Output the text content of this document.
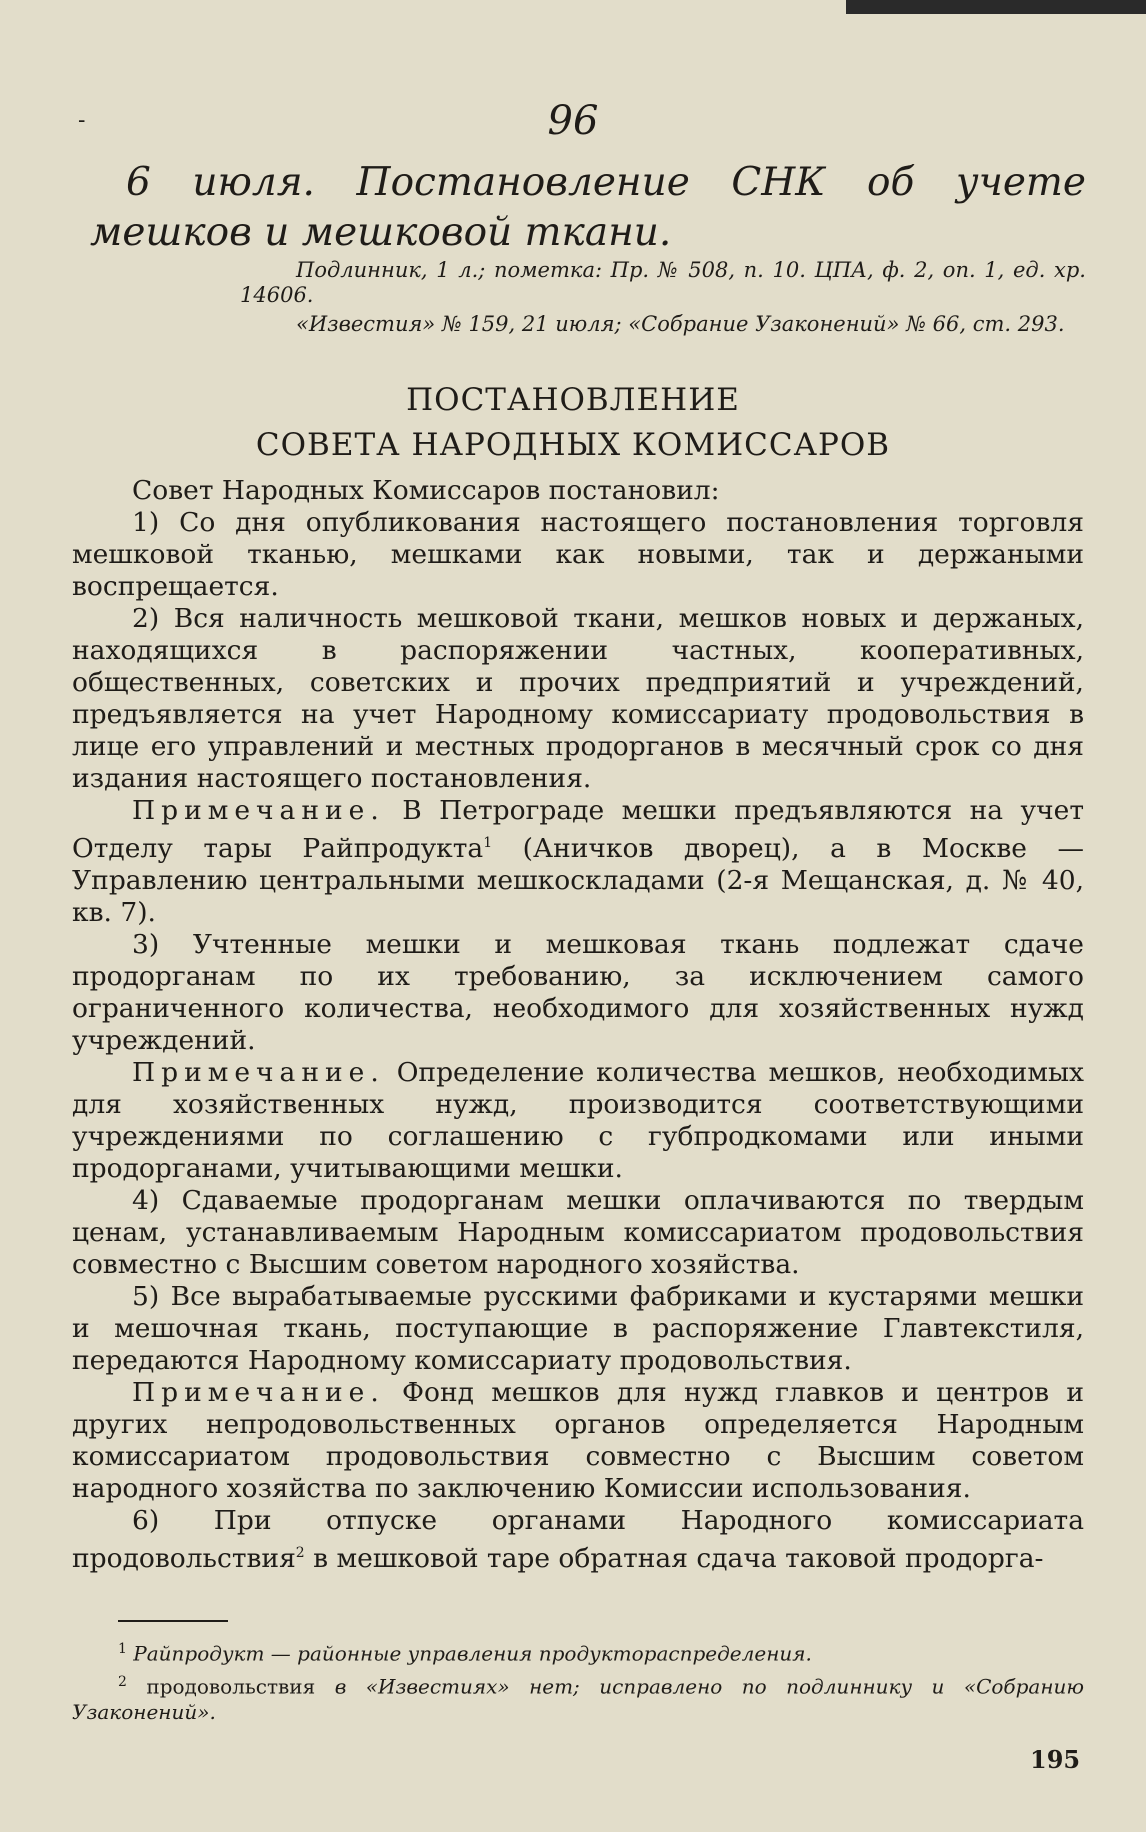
-	96
6 июля. Постановление СНК об учете мешков и мешковой ткани.
Подлинник, 1 л.; пометка: Пр. № 508, п. 10. ЦПА, ф. 2, оп. 1, ед. хр. 14606.
«Известия» № 159, 21 июля; «Собрание Узаконений» № 66, ст. 293.
ПОСТАНОВЛЕНИЕ
СОВЕТА НАРОДНЫХ КОМИССАРОВ

Совет Народных Комиссаров постановил:

1) Со дня опубликования настоящего постановления торговля мешковой тканью, мешками как новыми, так и держаными воспрещается.

2) Вся наличность мешковой ткани, мешков новых и держаных, находящихся в распоряжении частных, кооперативных, общественных, советских и прочих предприятий и учреждений, предъявляется на учет Народному комиссариату продовольствия в лице его управлений и местных продорганов в месячный срок со дня издания настоящего постановления.

Примечание. В Петрограде мешки предъявляются на учет Отделу тары Райпродукта$^1$ (Аничков дворец), а в Москве — Управлению центральными мешкоскладами (2-я Мещанская, д. № 40, кв. 7).

3) Учтенные мешки и мешковая ткань подлежат сдаче продорганам по их требованию, за исключением самого ограниченного количества, необходимого для хозяйственных нужд учреждений.

Примечание. Определение количества мешков, необходимых для хозяйственных нужд, производится соответствующими учреждениями по соглашению с губпродкомами или иными продорганами, учитывающими мешки.

4) Сдаваемые продорганам мешки оплачиваются по твердым ценам, устанавливаемым Народным комиссариатом продовольствия совместно с Высшим советом народного хозяйства.

5) Все вырабатываемые русскими фабриками и кустарями мешки и мешочная ткань, поступающие в распоряжение Главтекстиля, передаются Народному комиссариату продовольствия.

Примечание. Фонд мешков для нужд главков и центров и других непродовольственных органов определяется Народным комиссариатом продовольствия совместно с Высшим советом народного хозяйства по заключению Комиссии использования.

6) При отпуске органами Народного комиссариата продовольствия$^2$ в мешковой таре обратная сдача таковой продорга-

$^1$ Райпродукт — районные управления продукторaспределения.

$^2$ продовольствия в «Известиях» нет; исправлено по подлиннику и «Собранию Узаконений».

195
